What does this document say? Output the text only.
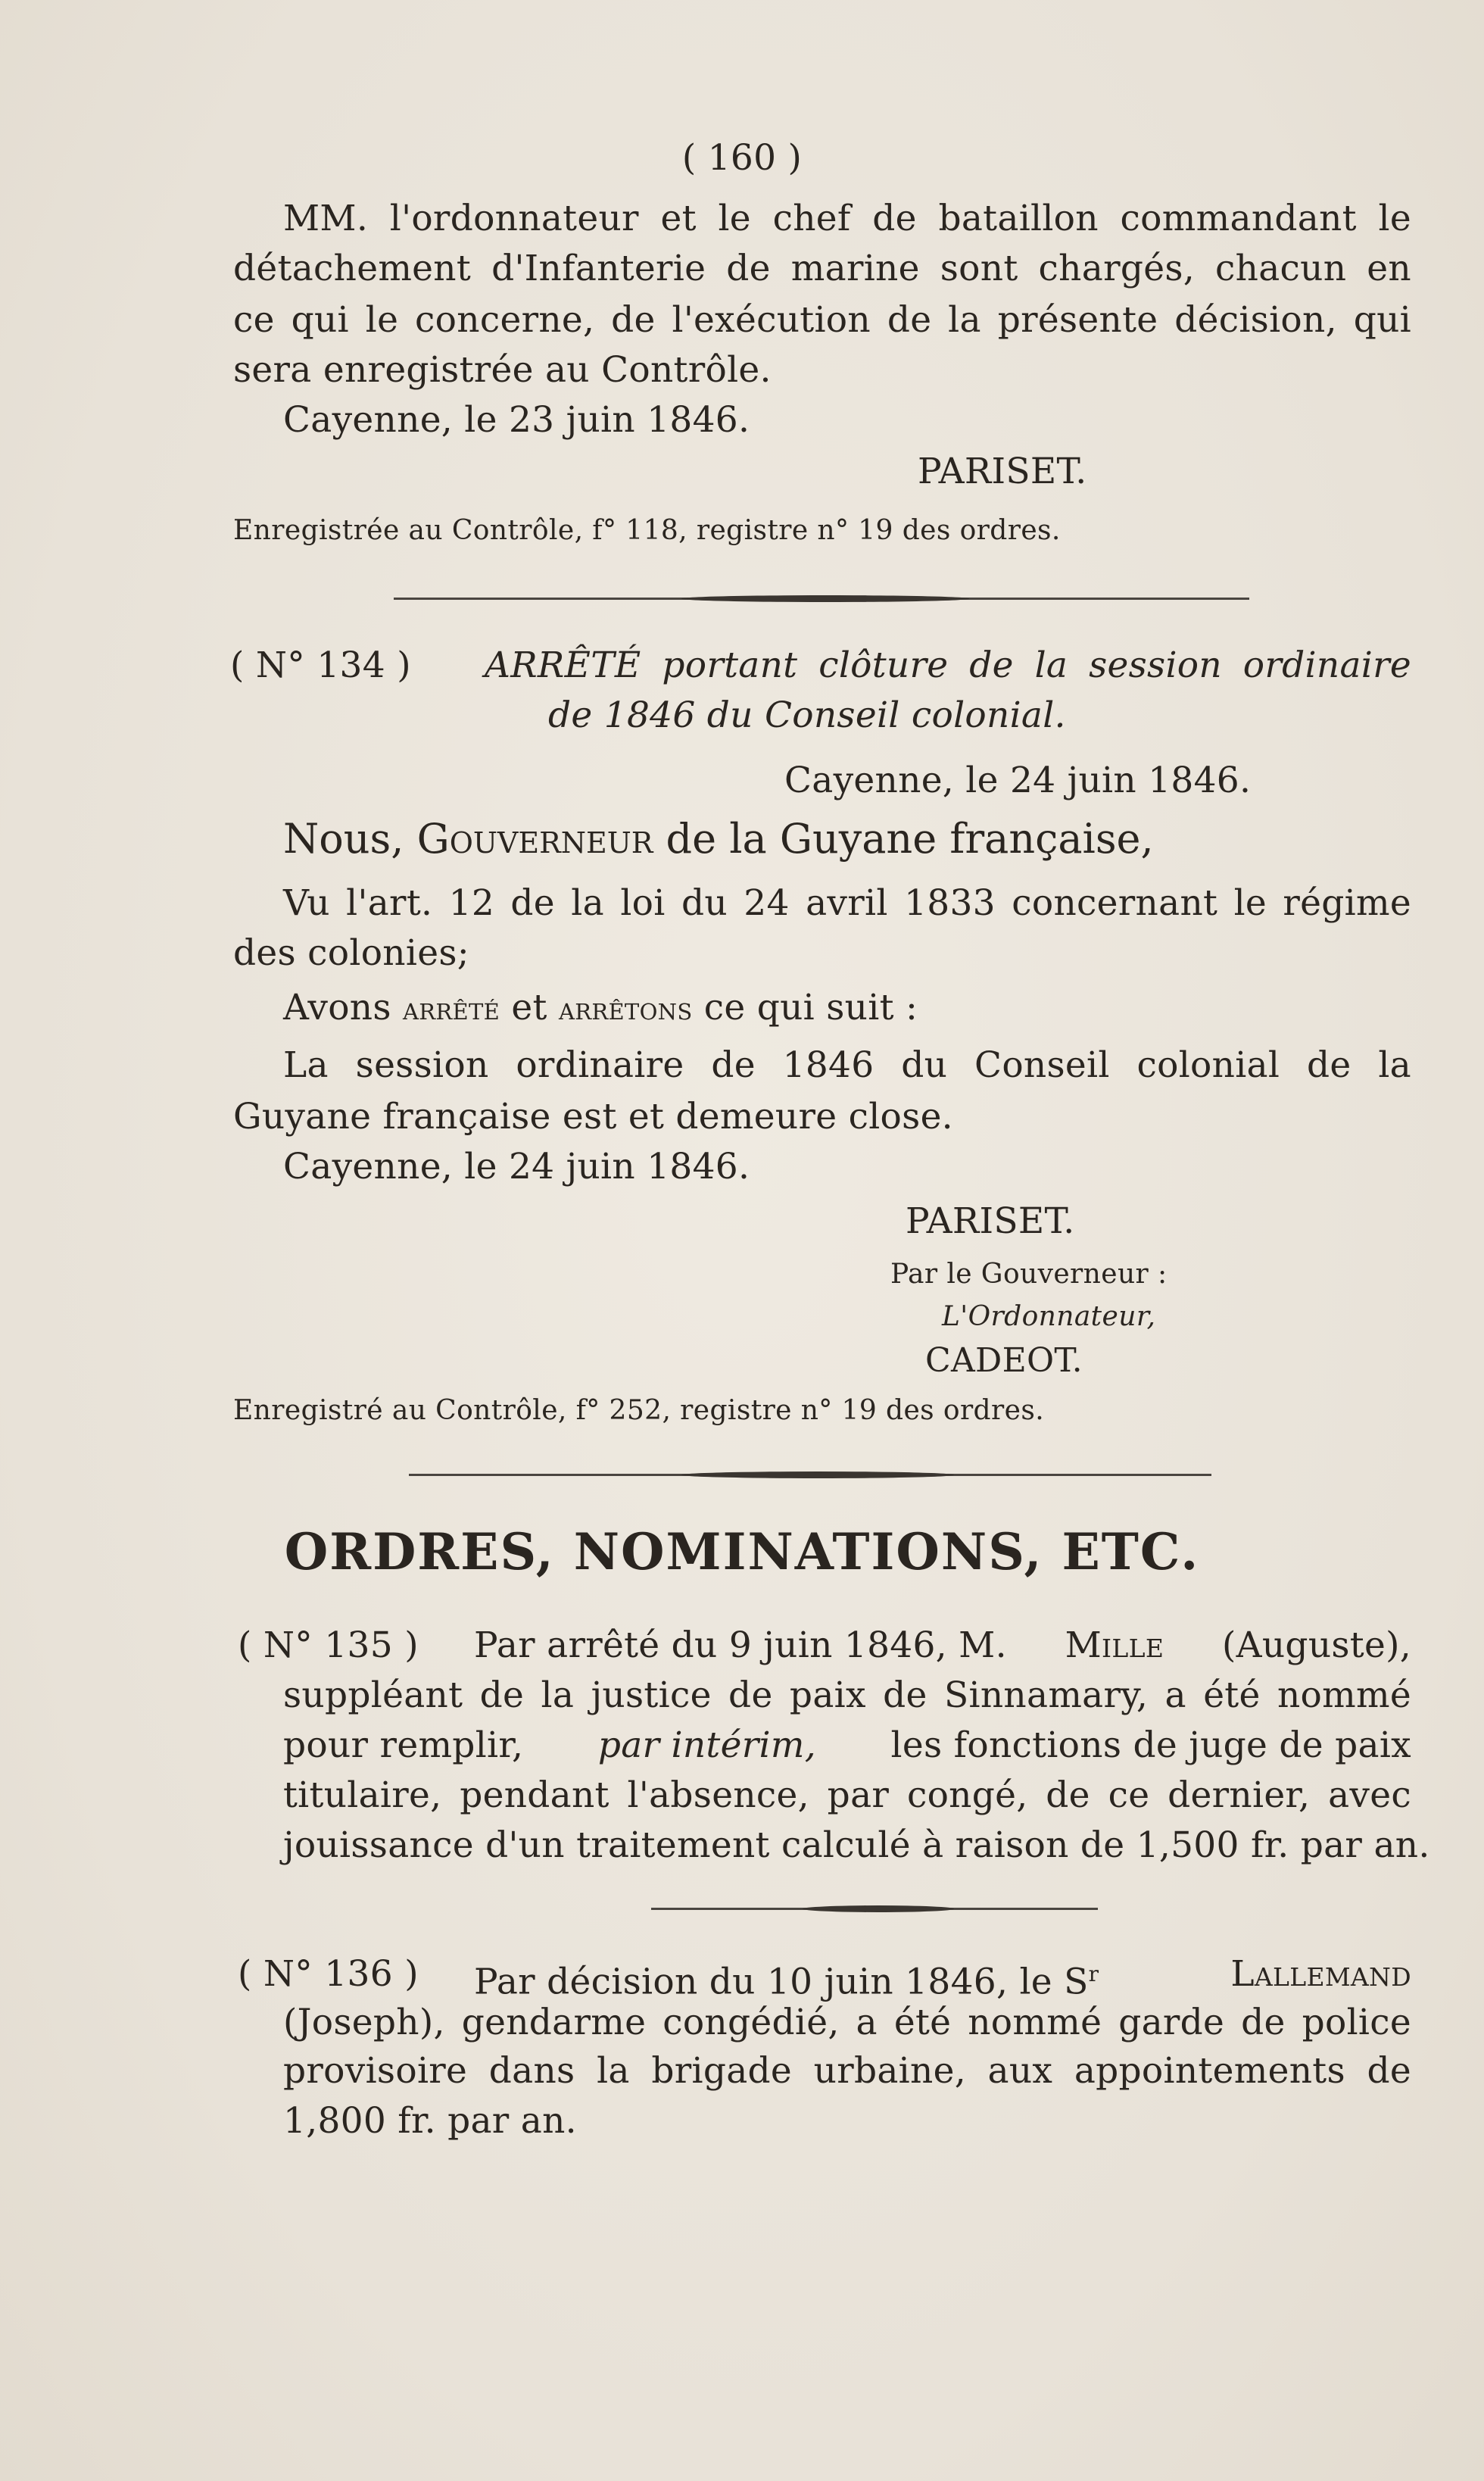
( 160 )
MM. l'ordonnateur et le chef de bataillon commandant le
détachement d'Infanterie de marine sont chargés, chacun en
ce qui le concerne, de l'exécution de la présente décision, qui
sera enregistrée au Contrôle.
Cayenne, le 23 juin 1846.
PARISET.
Enregistrée au Contrôle, f° 118, registre n° 19 des ordres.
( N° 134 ) ARRÊTÉ portant clôture de la session ordinaire
de 1846 du Conseil colonial.
Cayenne, le 24 juin 1846.
Nous, Gouverneur de la Guyane française,
Vu l'art. 12 de la loi du 24 avril 1833 concernant le régime
des colonies;
Avons arrêté et arrêtons ce qui suit :
La session ordinaire de 1846 du Conseil colonial de la
Guyane française est et demeure close.
Cayenne, le 24 juin 1846.
PARISET.
Par le Gouverneur :
L'Ordonnateur,
CADEOT.
Enregistré au Contrôle, f° 252, registre n° 19 des ordres.
ORDRES, NOMINATIONS, ETC.
( N° 135 ) Par arrêté du 9 juin 1846, M. Mille (Auguste),
suppléant de la justice de paix de Sinnamary, a été nommé
pour remplir, par intérim, les fonctions de juge de paix
titulaire, pendant l'absence, par congé, de ce dernier, avec
jouissance d'un traitement calculé à raison de 1,500 fr. par an.
( N° 136 ) Par décision du 10 juin 1846, le $S^r$	Lallemand
(Joseph), gendarme congédié, a été nommé garde de police
provisoire dans la brigade urbaine, aux appointements de
1,800 fr. par an.
